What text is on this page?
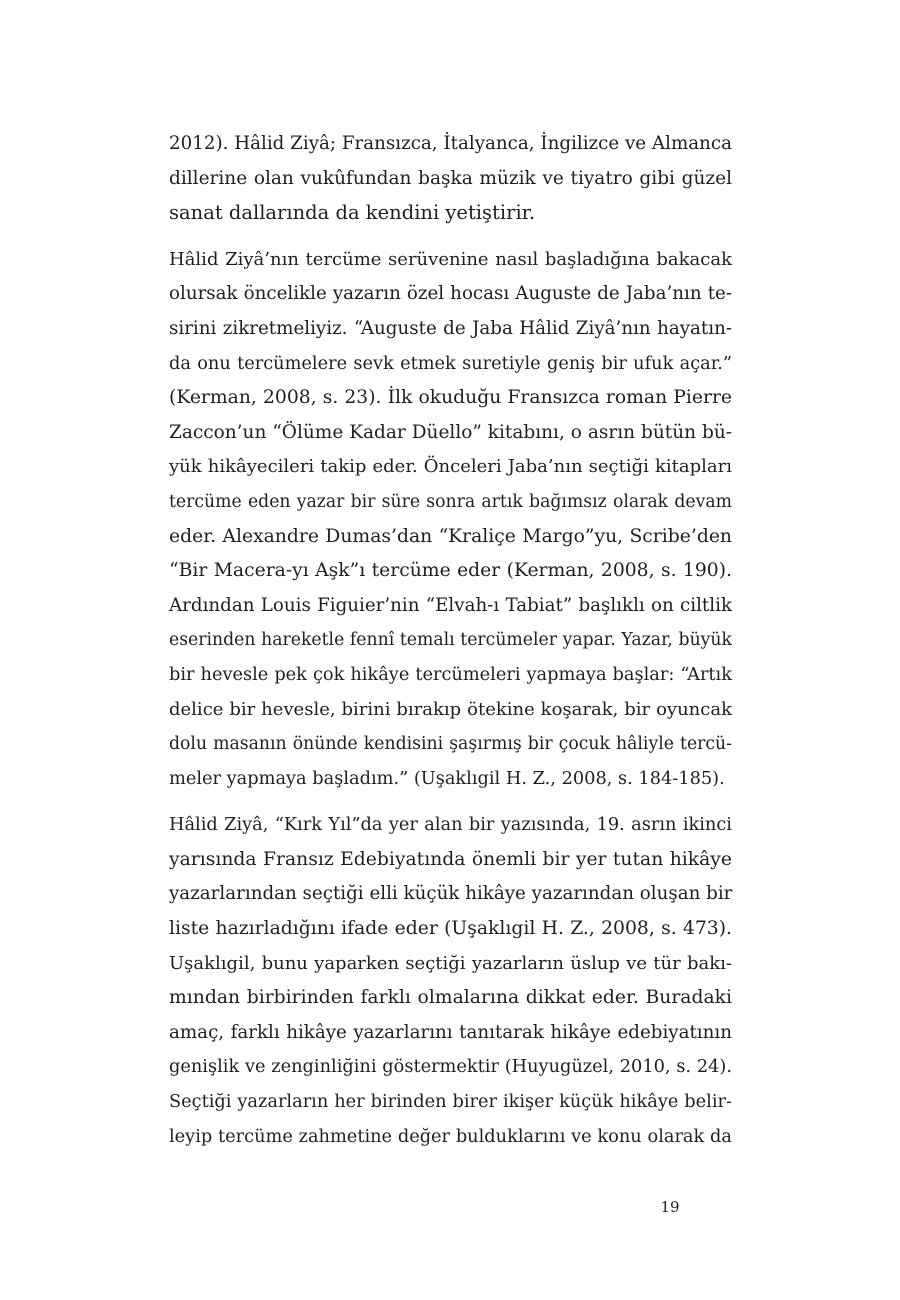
2012). Hâlid Ziyâ; Fransızca, İtalyanca, İngilizce ve Almanca
dillerine olan vukûfundan başka müzik ve tiyatro gibi güzel
sanat dallarında da kendini yetiştirir.

Hâlid Ziyâ’nın tercüme serüvenine nasıl başladığına bakacak
olursak öncelikle yazarın özel hocası Auguste de Jaba’nın te-
sirini zikretmeliyiz. “Auguste de Jaba Hâlid Ziyâ’nın hayatın-
da onu tercümelere sevk etmek suretiyle geniş bir ufuk açar.”
(Kerman, 2008, s. 23). İlk okuduğu Fransızca roman Pierre
Zaccon’un “Ölüme Kadar Düello” kitabını, o asrın bütün bü-
yük hikâyecileri takip eder. Önceleri Jaba’nın seçtiği kitapları
tercüme eden yazar bir süre sonra artık bağımsız olarak devam
eder. Alexandre Dumas’dan “Kraliçe Margo”yu, Scribe’den
“Bir Macera-yı Aşk”ı tercüme eder (Kerman, 2008, s. 190).
Ardından Louis Figuier’nin “Elvah-ı Tabiat” başlıklı on ciltlik
eserinden hareketle fennî temalı tercümeler yapar. Yazar, büyük
bir hevesle pek çok hikâye tercümeleri yapmaya başlar: “Artık
delice bir hevesle, birini bırakıp ötekine koşarak, bir oyuncak
dolu masanın önünde kendisini şaşırmış bir çocuk hâliyle tercü-
meler yapmaya başladım.” (Uşaklıgil H. Z., 2008, s. 184-185).

Hâlid Ziyâ, “Kırk Yıl”da yer alan bir yazısında, 19. asrın ikinci
yarısında Fransız Edebiyatında önemli bir yer tutan hikâye
yazarlarından seçtiği elli küçük hikâye yazarından oluşan bir
liste hazırladığını ifade eder (Uşaklıgil H. Z., 2008, s. 473).
Uşaklıgil, bunu yaparken seçtiği yazarların üslup ve tür bakı-
mından birbirinden farklı olmalarına dikkat eder. Buradaki
amaç, farklı hikâye yazarlarını tanıtarak hikâye edebiyatının
genişlik ve zenginliğini göstermektir (Huyugüzel, 2010, s. 24).
Seçtiği yazarların her birinden birer ikişer küçük hikâye belir-
leyip tercüme zahmetine değer bulduklarını ve konu olarak da

19
